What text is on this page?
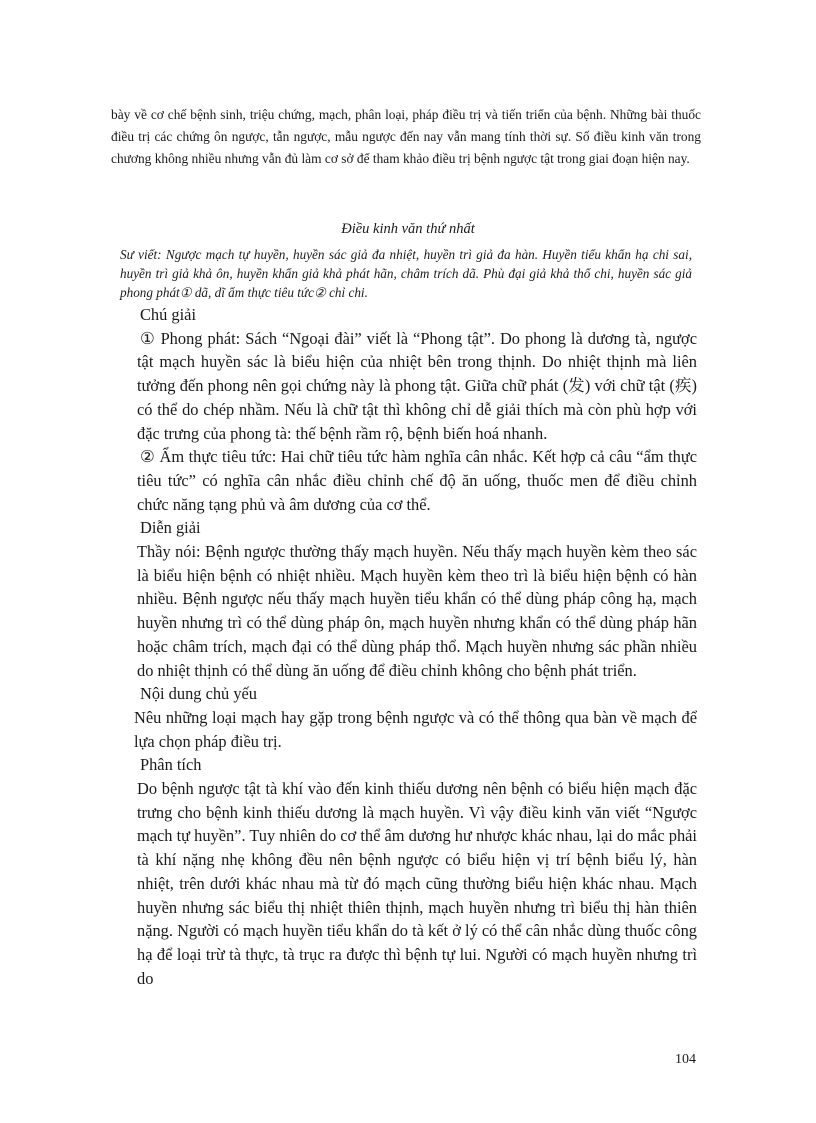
bày về cơ chế bệnh sinh, triệu chứng, mạch, phân loại, pháp điều trị và tiến triển của bệnh. Những bài thuốc điều trị các chứng ôn ngược, tẫn ngược, mẫu ngược đến nay vẫn mang tính thời sự. Số điều kinh văn trong chương không nhiều nhưng vẫn đủ làm cơ sở để tham khảo điều trị bệnh ngược tật trong giai đoạn hiện nay.

Điều kinh văn thứ nhất

Sư viết: Ngược mạch tự huyền, huyền sác giả đa nhiệt, huyền trì giả đa hàn. Huyền tiểu khẩn hạ chi sai, huyền trì giả khả ôn, huyền khẩn giả khả phát hãn, châm trích dã. Phù đại giả khả thổ chi, huyền sác giả phong phát① dã, dĩ ẩm thực tiêu tức② chỉ chi.

Chú giải

① Phong phát: Sách “Ngoại đài” viết là “Phong tật”. Do phong là dương tà, ngược tật mạch huyền sác là biểu hiện của nhiệt bên trong thịnh. Do nhiệt thịnh mà liên tưởng đến phong nên gọi chứng này là phong tật. Giữa chữ phát (发) với chữ tật (疾) có thể do chép nhầm. Nếu là chữ tật thì không chỉ dễ giải thích mà còn phù hợp với đặc trưng của phong tà: thế bệnh rầm rộ, bệnh biến hoá nhanh.

② Ẩm thực tiêu tức: Hai chữ tiêu tức hàm nghĩa cân nhắc. Kết hợp cả câu “ẩm thực tiêu tức” có nghĩa cân nhắc điều chỉnh chế độ ăn uống, thuốc men để điều chỉnh chức năng tạng phủ và âm dương của cơ thể.

Diễn giải

Thầy nói: Bệnh ngược thường thấy mạch huyền. Nếu thấy mạch huyền kèm theo sác là biểu hiện bệnh có nhiệt nhiều. Mạch huyền kèm theo trì là biểu hiện bệnh có hàn nhiều. Bệnh ngược nếu thấy mạch huyền tiểu khẩn có thể dùng pháp công hạ, mạch huyền nhưng trì có thể dùng pháp ôn, mạch huyền nhưng khẩn có thể dùng pháp hãn hoặc châm trích, mạch đại có thể dùng pháp thổ. Mạch huyền nhưng sác phần nhiều do nhiệt thịnh có thể dùng ăn uống để điều chỉnh không cho bệnh phát triển.

Nội dung chủ yếu

Nêu những loại mạch hay gặp trong bệnh ngược và có thể thông qua bàn về mạch để lựa chọn pháp điều trị.

Phân tích

Do bệnh ngược tật tà khí vào đến kinh thiếu dương nên bệnh có biểu hiện mạch đặc trưng cho bệnh kinh thiếu dương là mạch huyền. Vì vậy điều kinh văn viết “Ngược mạch tự huyền”. Tuy nhiên do cơ thể âm dương hư nhược khác nhau, lại do mắc phải tà khí nặng nhẹ không đều nên bệnh ngược có biểu hiện vị trí bệnh biểu lý, hàn nhiệt, trên dưới khác nhau mà từ đó mạch cũng thường biểu hiện khác nhau. Mạch huyền nhưng sác biểu thị nhiệt thiên thịnh, mạch huyền nhưng trì biểu thị hàn thiên nặng. Người có mạch huyền tiểu khẩn do tà kết ở lý có thể cân nhắc dùng thuốc công hạ để loại trừ tà thực, tà trục ra được thì bệnh tự lui. Người có mạch huyền nhưng trì do

104
